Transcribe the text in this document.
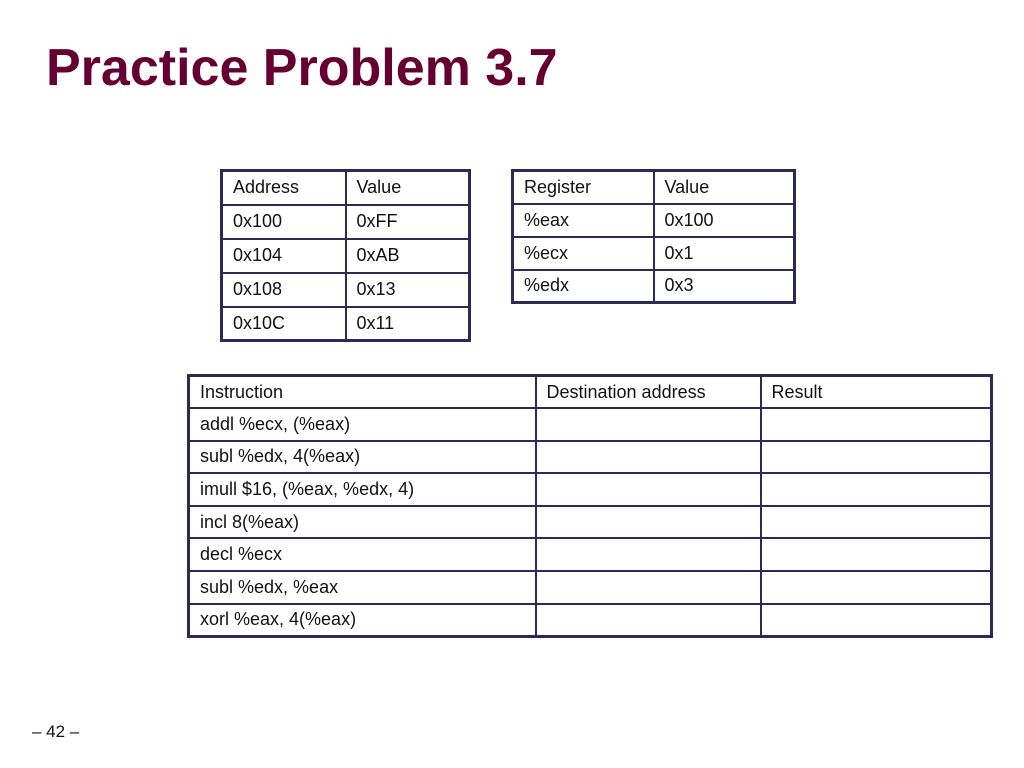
Practice Problem 3.7
Address	Value
0x100	0xFF
0x104	0xAB
0x108	0x13
0x10C	0x11
Register	Value
%eax	0x100
%ecx	0x1
%edx	0x3
Instruction	Destination address	Result
addl %ecx, (%eax)		
subl %edx, 4(%eax)		
imull $16, (%eax, %edx, 4)		
incl 8(%eax)		
decl %ecx		
subl %edx, %eax		
xorl %eax, 4(%eax)		
– 42 –
